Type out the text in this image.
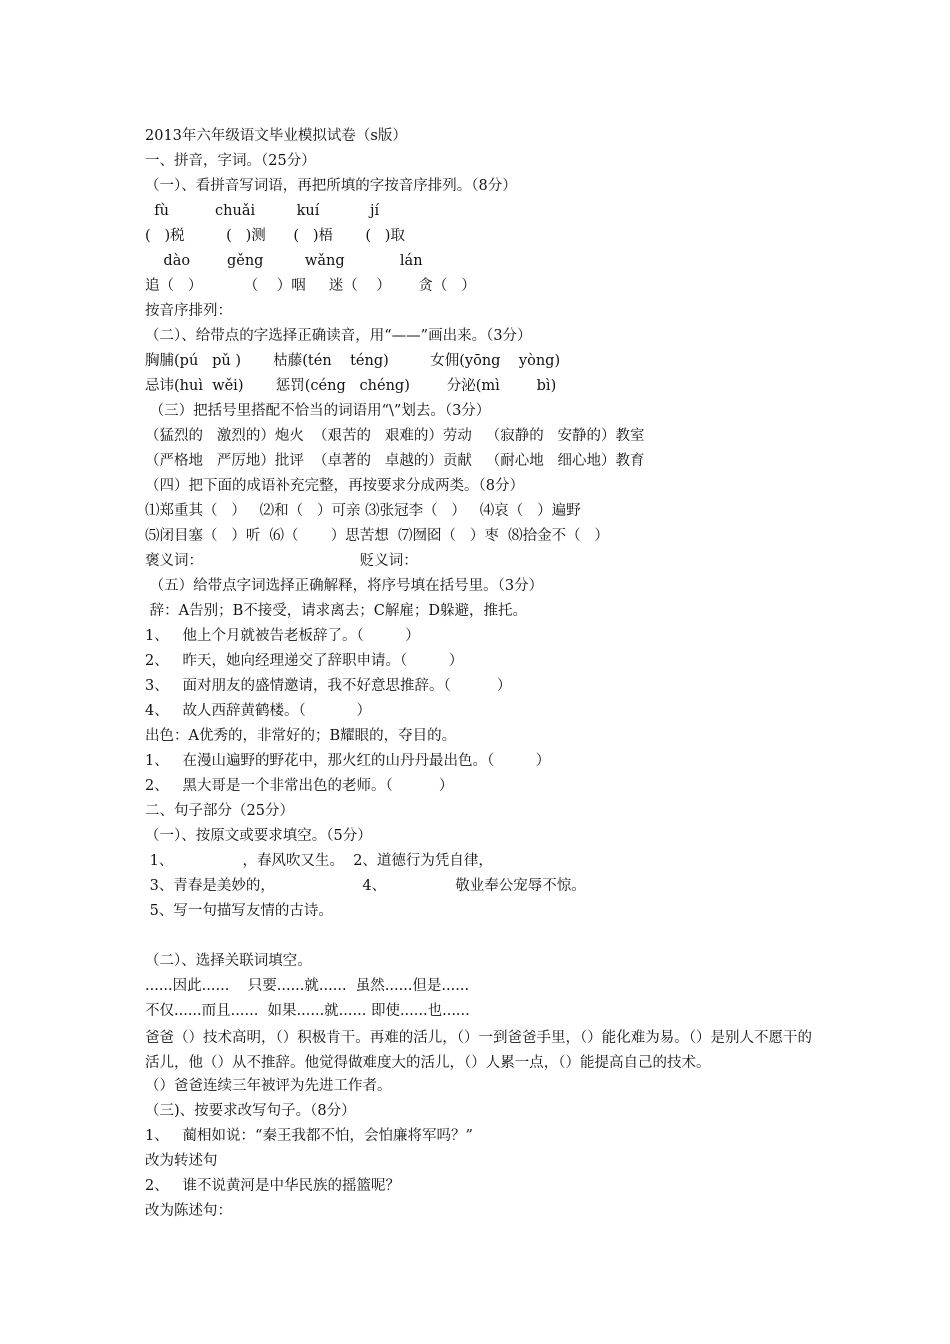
2013年六年级语文毕业模拟试卷（s版）
一、拼音，字词。（25分）
（一）、看拼音写词语，再把所填的字按音序排列。（8分）
fù          chuǎi         kuí           jí
(   )税         (   )测      (   )梧       (   )取
dào        gěng         wǎng            lán
追（   ）         （    ）咽     迷（    ）      贪（   ）
按音序排列：
（二）、给带点的字选择正确读音，用“——”画出来。（3分）
胸脯(pú   pǔ )       枯藤(tén    téng)         女佣(yōng    yòng)
忌讳(huì  wěi)       惩罚(céng   chéng)        分泌(mì        bì)
（三）把括号里搭配不恰当的词语用“\”划去。（3分）
（猛烈的   激烈的）炮火  （艰苦的   艰难的）劳动   （寂静的   安静的）教室
（严格地   严厉地）批评  （卓著的   卓越的）贡献   （耐心地   细心地）教育
（四）把下面的成语补充完整，再按要求分成两类。（8分）
⑴郑重其（   ）   ⑵和（   ）可亲 ⑶张冠李（   ）   ⑷哀（   ）遍野
⑸闭目塞（   ）听  ⑹（       ）思苦想  ⑺囫囵（   ）枣  ⑻拾金不（   ）
褒义词：                                  贬义词：
（五）给带点字词选择正确解释，将序号填在括号里。（3分）
辞：A告别；B不接受，请求离去；C解雇；D躲避，推托。
1、   他上个月就被告老板辞了。（         ）
2、   昨天，她向经理递交了辞职申请。（         ）
3、   面对朋友的盛情邀请，我不好意思推辞。（          ）
4、   故人西辞黄鹤楼。（           ）
出色：A优秀的，非常好的；B耀眼的，夺目的。
1、   在漫山遍野的野花中，那火红的山丹丹最出色。（         ）
2、   黑大哥是一个非常出色的老师。（          ）
二、句子部分（25分）
（一）、按原文或要求填空。（5分）
1、               ，春风吹又生。  2、道德行为凭自律，
3、青春是美妙的，                   4、               敬业奉公宠辱不惊。
5、写一句描写友情的古诗。
（二）、选择关联词填空。
......因此......    只要......就......  虽然......但是......
不仅......而且......  如果......就...... 即使......也......
爸爸（）技术高明，（）积极肯干。再难的活儿，（）一到爸爸手里，（）能化难为易。（）是别人不愿干的活儿，他（）从不推辞。他觉得做难度大的活儿，（）人累一点，（）能提高自己的技术。
（）爸爸连续三年被评为先进工作者。
（三)、按要求改写句子。（8分）
1、   蔺相如说：“秦王我都不怕，会怕廉将军吗？”
改为转述句
2、   谁不说黄河是中华民族的摇篮呢？
改为陈述句：
